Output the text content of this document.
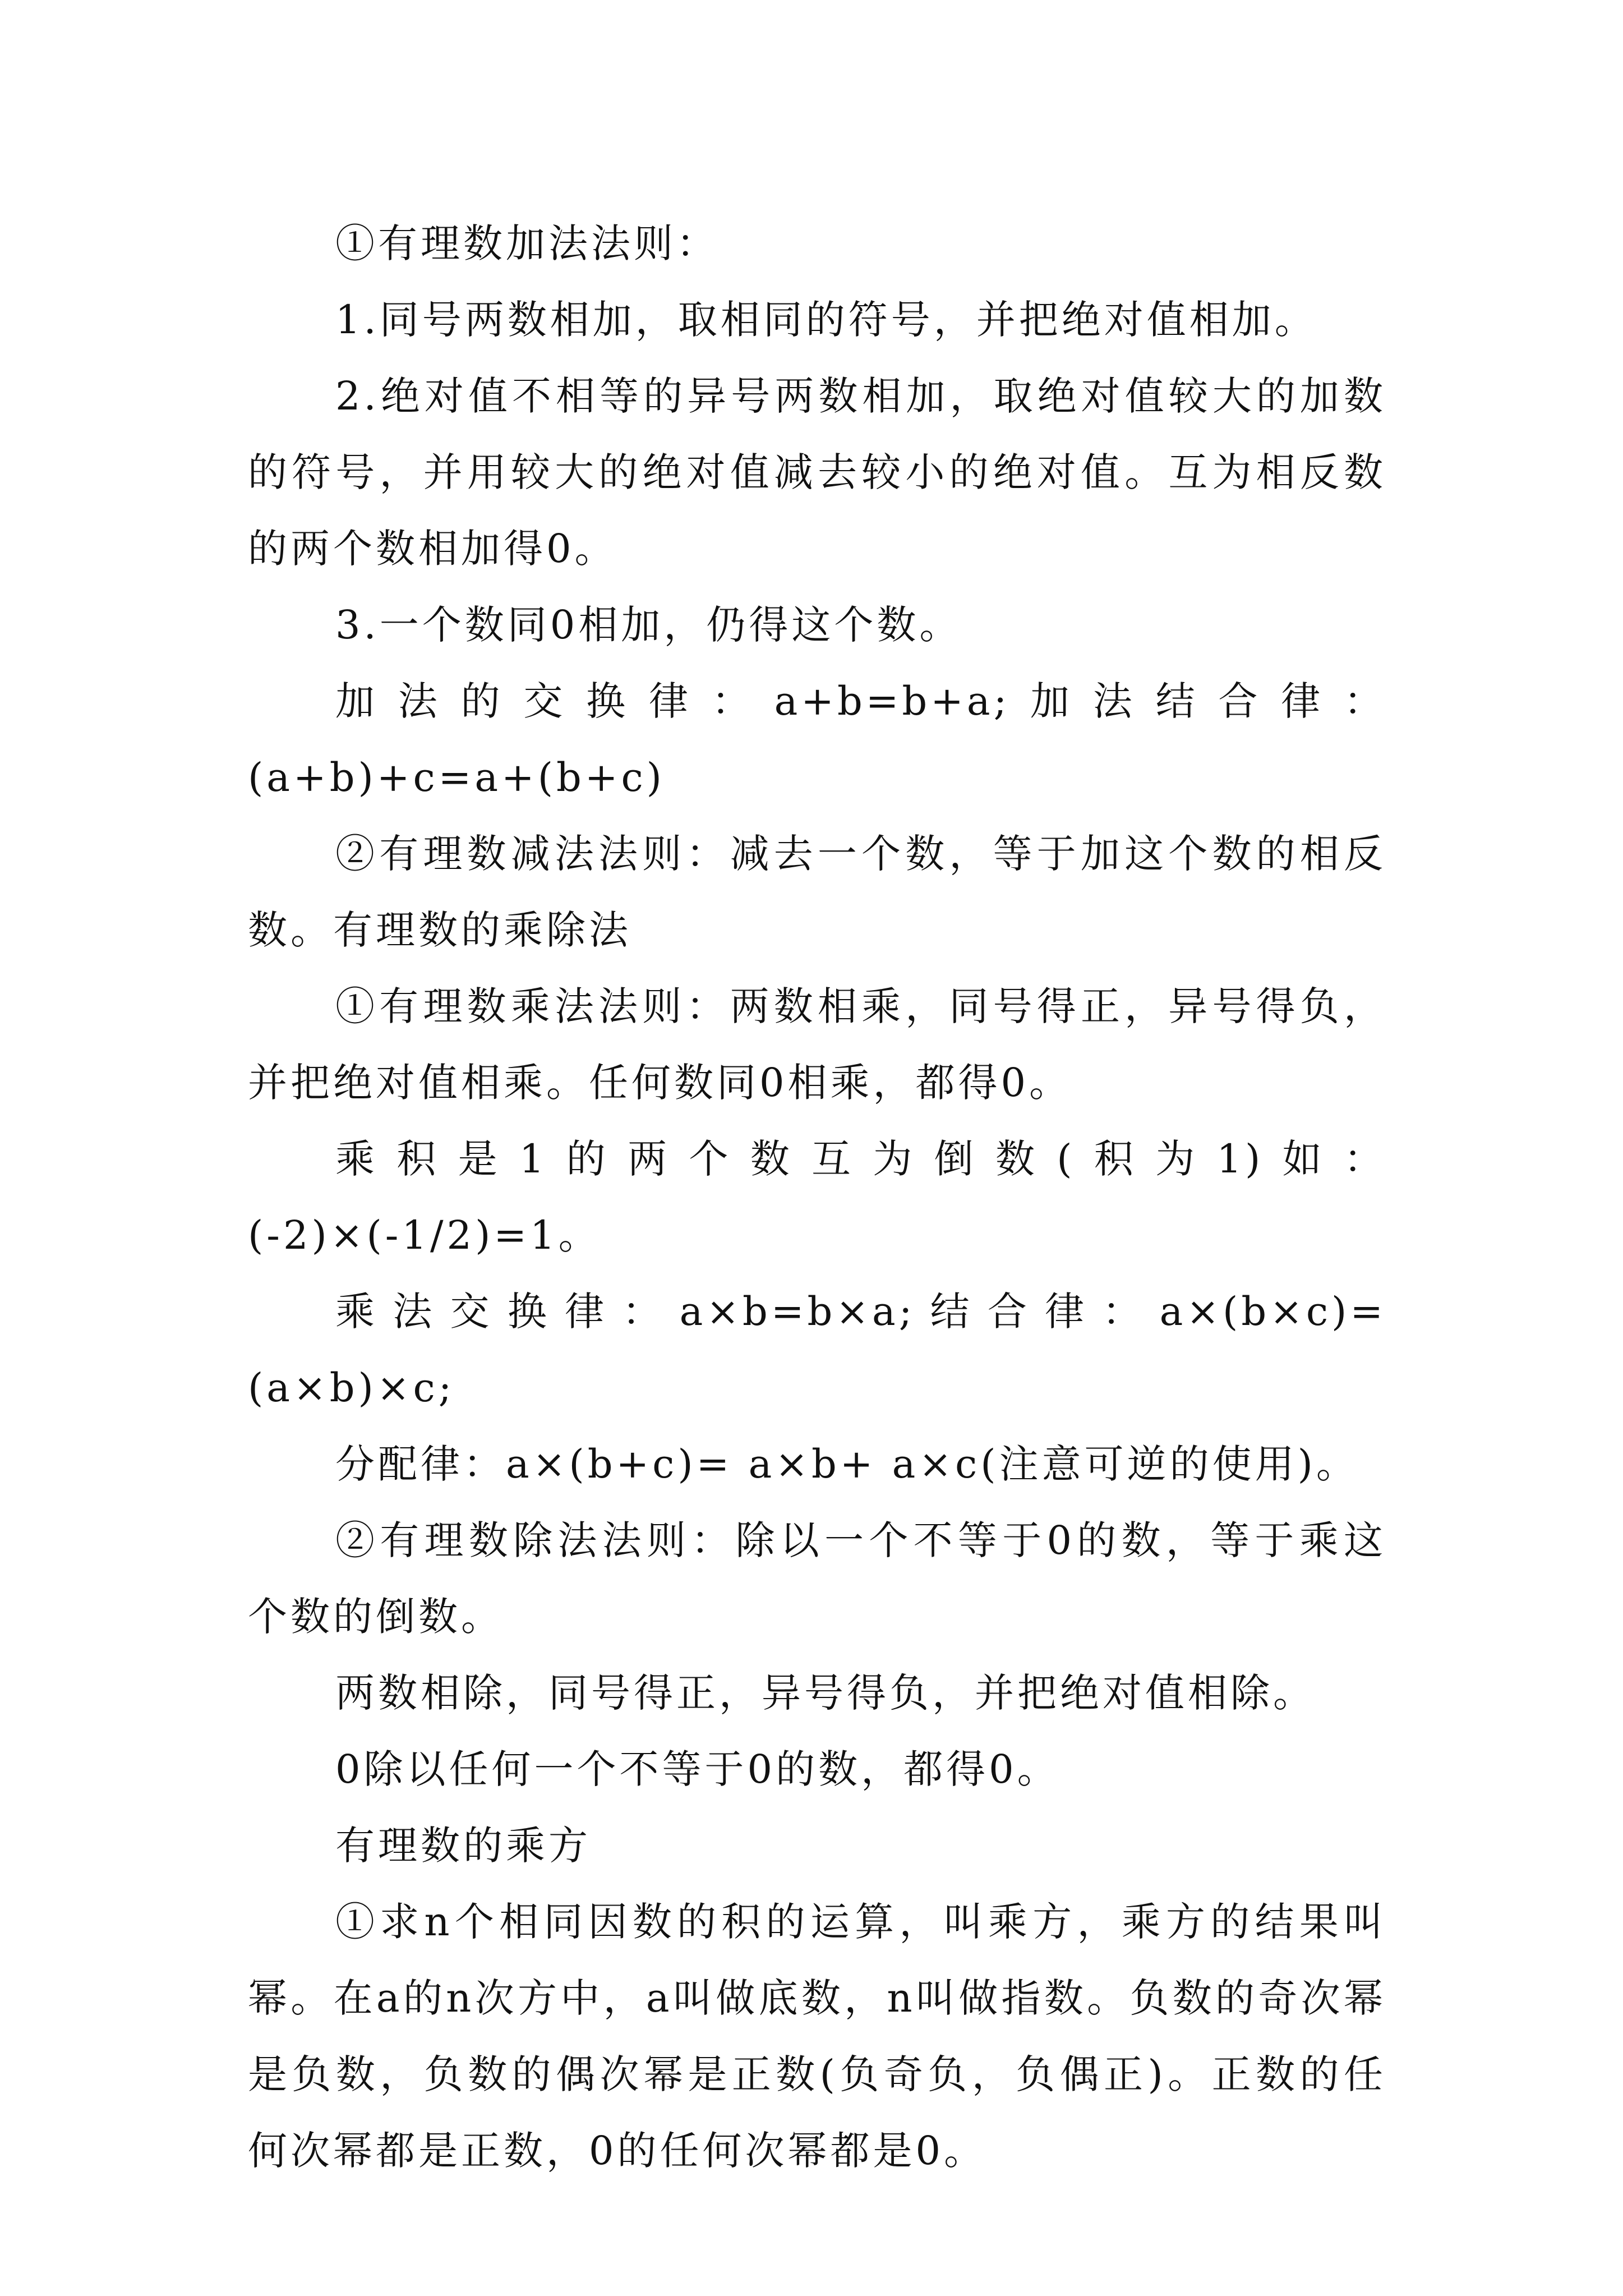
①有理数加法法则：

1.同号两数相加，取相同的符号，并把绝对值相加。

2.绝对值不相等的异号两数相加，取绝对值较大的加数的符号，并用较大的绝对值减去较小的绝对值。互为相反数的两个数相加得0。

3.一个数同0相加，仍得这个数。

加法的交换律：a+b=b+a;加法结合律：(a+b)+c=a+(b+c)

②有理数减法法则：减去一个数，等于加这个数的相反数。有理数的乘除法

①有理数乘法法则：两数相乘，同号得正，异号得负，并把绝对值相乘。任何数同0相乘，都得0。

乘积是1的两个数互为倒数(积为1)如：(-2)×(-1/2)=1。

乘法交换律：a×b=b×a;结合律：a×(b×c)=(a×b)×c;

分配律：a×(b+c)= a×b+ a×c(注意可逆的使用)。

②有理数除法法则：除以一个不等于0的数，等于乘这个数的倒数。

两数相除，同号得正，异号得负，并把绝对值相除。

0除以任何一个不等于0的数，都得0。

有理数的乘方

①求n个相同因数的积的运算，叫乘方，乘方的结果叫幂。在a的n次方中，a叫做底数，n叫做指数。负数的奇次幂是负数，负数的偶次幂是正数(负奇负，负偶正)。正数的任何次幂都是正数，0的任何次幂都是0。
